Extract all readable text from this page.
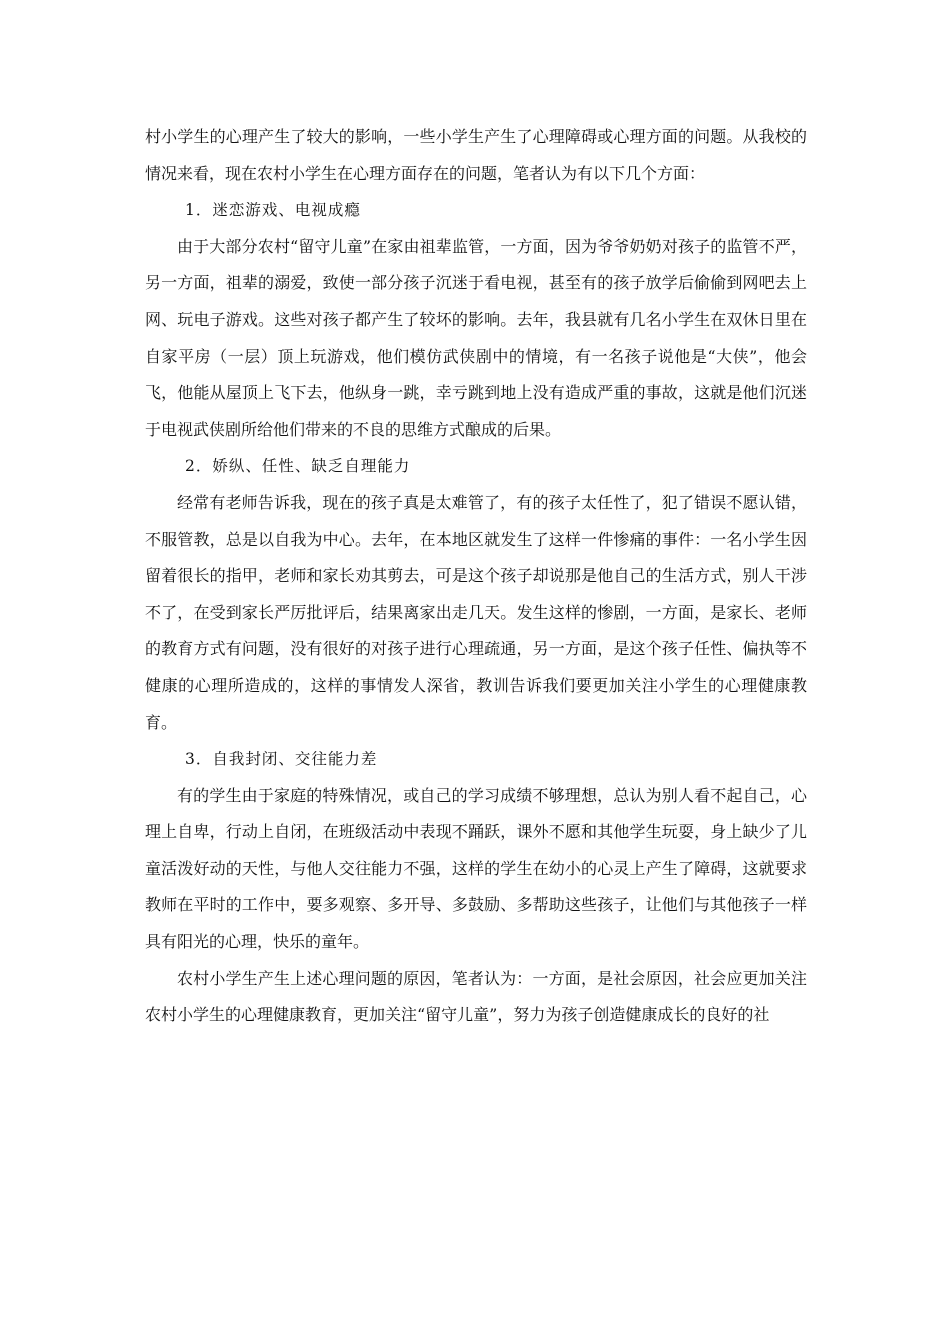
村小学生的心理产生了较大的影响，一些小学生产生了心理障碍或心理方面的问题。从我校的情况来看，现在农村小学生在心理方面存在的问题，笔者认为有以下几个方面：

1．迷恋游戏、电视成瘾

由于大部分农村“留守儿童”在家由祖辈监管，一方面，因为爷爷奶奶对孩子的监管不严，另一方面，祖辈的溺爱，致使一部分孩子沉迷于看电视，甚至有的孩子放学后偷偷到网吧去上网、玩电子游戏。这些对孩子都产生了较坏的影响。去年，我县就有几名小学生在双休日里在自家平房（一层）顶上玩游戏，他们模仿武侠剧中的情境，有一名孩子说他是“大侠”，他会飞，他能从屋顶上飞下去，他纵身一跳，幸亏跳到地上没有造成严重的事故，这就是他们沉迷于电视武侠剧所给他们带来的不良的思维方式酿成的后果。

2．娇纵、任性、缺乏自理能力

经常有老师告诉我，现在的孩子真是太难管了，有的孩子太任性了，犯了错误不愿认错，不服管教，总是以自我为中心。去年，在本地区就发生了这样一件惨痛的事件：一名小学生因留着很长的指甲，老师和家长劝其剪去，可是这个孩子却说那是他自己的生活方式，别人干涉不了，在受到家长严厉批评后，结果离家出走几天。发生这样的惨剧，一方面，是家长、老师的教育方式有问题，没有很好的对孩子进行心理疏通，另一方面，是这个孩子任性、偏执等不健康的心理所造成的，这样的事情发人深省，教训告诉我们要更加关注小学生的心理健康教育。

3．自我封闭、交往能力差

有的学生由于家庭的特殊情况，或自己的学习成绩不够理想，总认为别人看不起自己，心理上自卑，行动上自闭，在班级活动中表现不踊跃，课外不愿和其他学生玩耍，身上缺少了儿童活泼好动的天性，与他人交往能力不强，这样的学生在幼小的心灵上产生了障碍，这就要求教师在平时的工作中，要多观察、多开导、多鼓励、多帮助这些孩子，让他们与其他孩子一样具有阳光的心理，快乐的童年。

农村小学生产生上述心理问题的原因，笔者认为：一方面，是社会原因，社会应更加关注农村小学生的心理健康教育，更加关注“留守儿童”，努力为孩子创造健康成长的良好的社
